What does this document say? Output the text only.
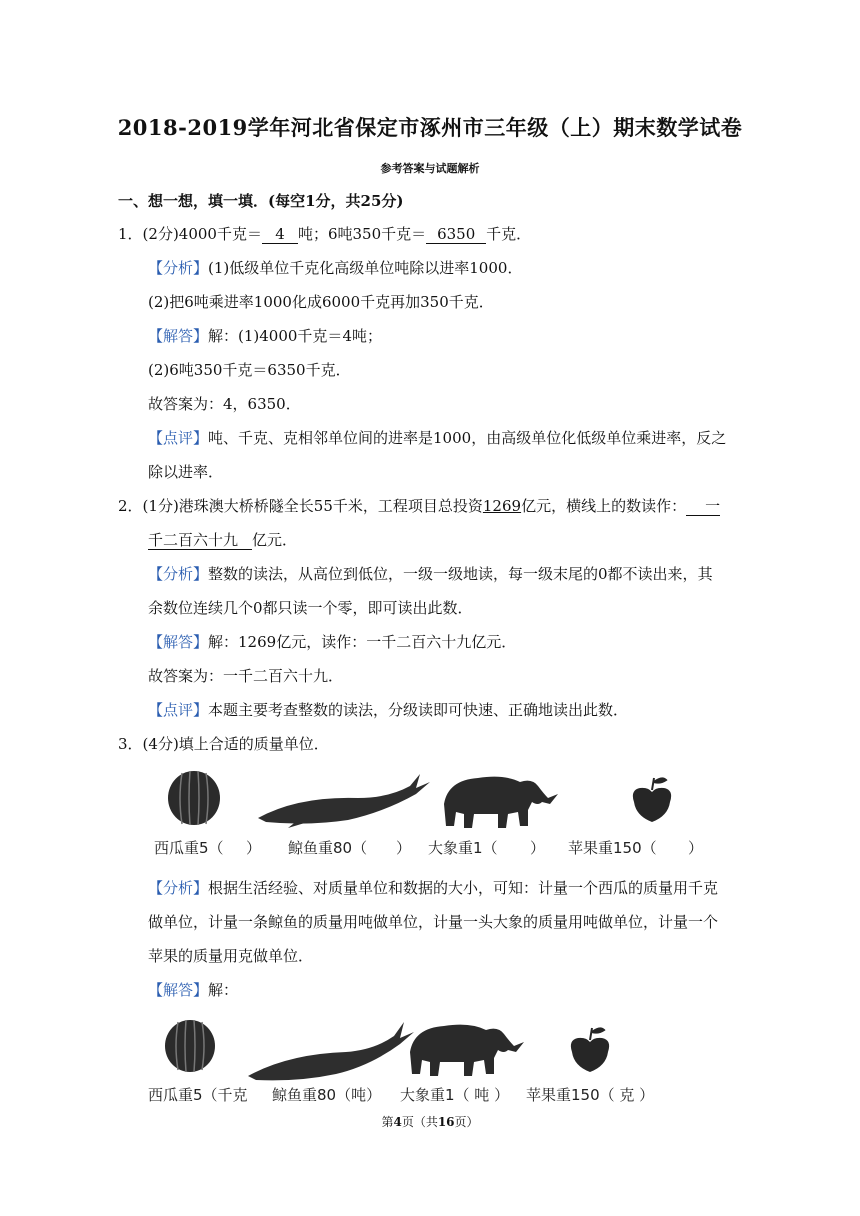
2018-2019学年河北省保定市涿州市三年级（上）期末数学试卷
参考答案与试题解析
一、想一想，填一填．(每空1分，共25分)
1．(2分)4000千克＝ 4 吨；6吨350千克＝ 6350 千克．
【分析】(1)低级单位千克化高级单位吨除以进率1000．
(2)把6吨乘进率1000化成6000千克再加350千克．
【解答】解：(1)4000千克＝4吨；
(2)6吨350千克＝6350千克．
故答案为：4，6350．
【点评】吨、千克、克相邻单位间的进率是1000，由高级单位化低级单位乘进率，反之
除以进率．
2．(1分)港珠澳大桥桥隧全长55千米，工程项目总投资1269亿元，横线上的数读作： 一
千二百六十九 亿元．
【分析】整数的读法，从高位到低位，一级一级地读，每一级末尾的0都不读出来，其
余数位连续几个0都只读一个零，即可读出此数．
【解答】解：1269亿元，读作：一千二百六十九亿元．
故答案为：一千二百六十九．
【点评】本题主要考查整数的读法，分级读即可快速、正确地读出此数．
3．(4分)填上合适的质量单位．
西瓜重5（ ） 鲸鱼重80（ ） 大象重1（ ） 苹果重150（ ）
【分析】根据生活经验、对质量单位和数据的大小，可知：计量一个西瓜的质量用千克
做单位，计量一条鲸鱼的质量用吨做单位，计量一头大象的质量用吨做单位，计量一个
苹果的质量用克做单位．
【解答】解：
西瓜重5（千克 鲸鱼重80（吨） 大象重1（ 吨 ） 苹果重150（ 克 ）
第4页（共16页）
